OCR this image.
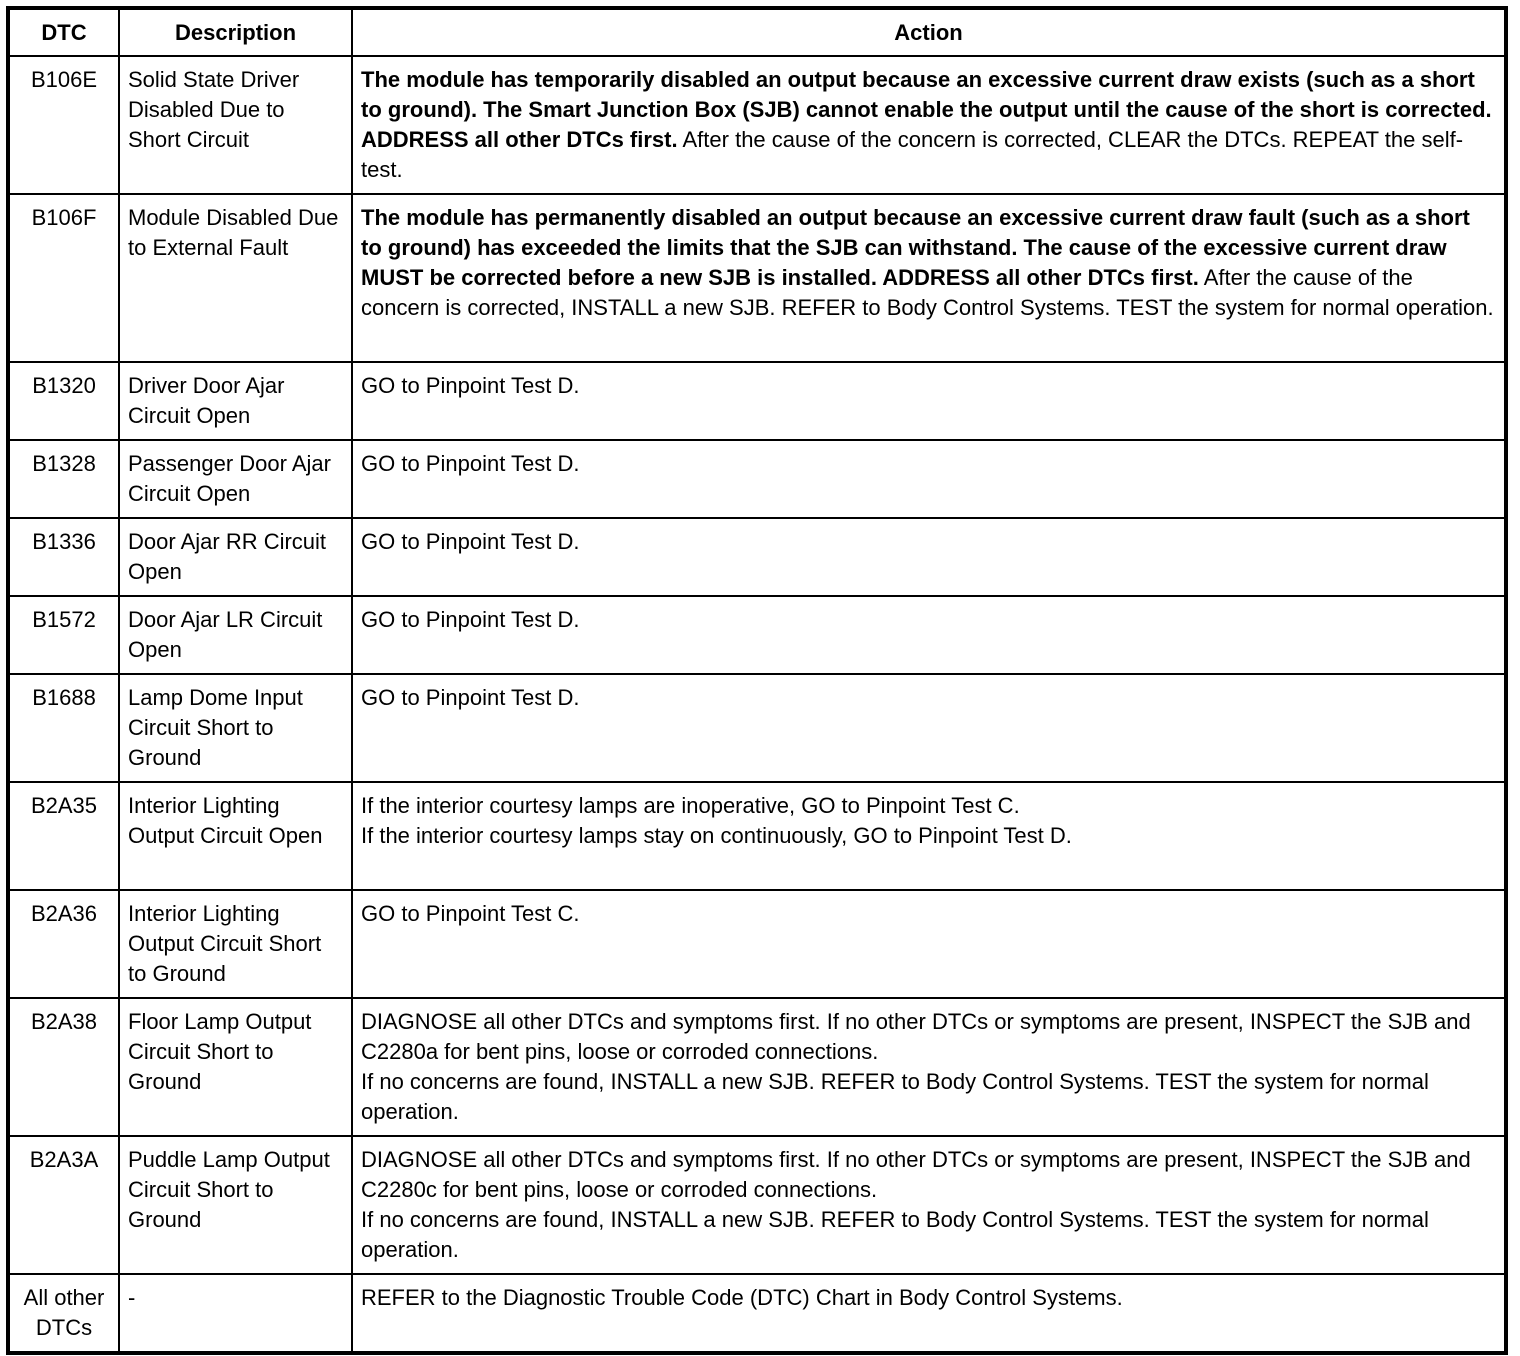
DTC	Description	Action
B106E	Solid State Driver Disabled Due to Short Circuit	The module has temporarily disabled an output because an excessive current draw exists (such as a short to ground). The Smart Junction Box (SJB) cannot enable the output until the cause of the short is corrected. ADDRESS all other DTCs first. After the cause of the concern is corrected, CLEAR the DTCs. REPEAT the self-test.

B106F	Module Disabled Due to External Fault	The module has permanently disabled an output because an excessive current draw fault (such as a short to ground) has exceeded the limits that the SJB can withstand. The cause of the excessive current draw MUST be corrected before a new SJB is installed. ADDRESS all other DTCs first. After the cause of the concern is corrected, INSTALL a new SJB. REFER to Body Control Systems. TEST the system for normal operation.

B1320	Driver Door Ajar Circuit Open	GO to Pinpoint Test D.

B1328	Passenger Door Ajar Circuit Open	GO to Pinpoint Test D.

B1336	Door Ajar RR Circuit Open	GO to Pinpoint Test D.

B1572	Door Ajar LR Circuit Open	GO to Pinpoint Test D.

B1688	Lamp Dome Input Circuit Short to Ground	GO to Pinpoint Test D.

B2A35	Interior Lighting Output Circuit Open	If the interior courtesy lamps are inoperative, GO to Pinpoint Test C.

If the interior courtesy lamps stay on continuously, GO to Pinpoint Test D.

B2A36	Interior Lighting Output Circuit Short to Ground	GO to Pinpoint Test C.

B2A38	Floor Lamp Output Circuit Short to Ground	DIAGNOSE all other DTCs and symptoms first. If no other DTCs or symptoms are present, INSPECT the SJB and C2280a for bent pins, loose or corroded connections.

If no concerns are found, INSTALL a new SJB. REFER to Body Control Systems. TEST the system for normal operation.

B2A3A	Puddle Lamp Output Circuit Short to Ground	DIAGNOSE all other DTCs and symptoms first. If no other DTCs or symptoms are present, INSPECT the SJB and C2280c for bent pins, loose or corroded connections.

If no concerns are found, INSTALL a new SJB. REFER to Body Control Systems. TEST the system for normal operation.

All other DTCs	-	REFER to the Diagnostic Trouble Code (DTC) Chart in Body Control Systems.
